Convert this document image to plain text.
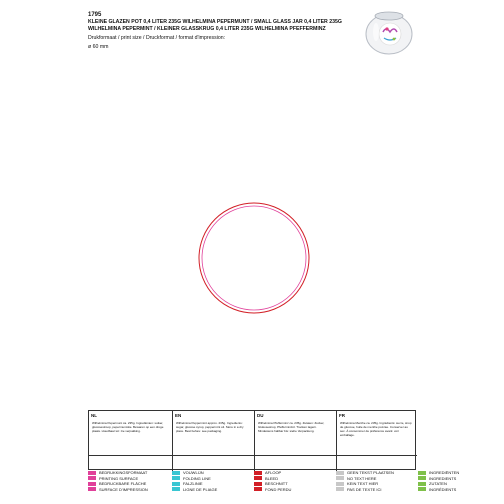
1795
KLEINE GLAZEN POT 0,4 LITER 235G WILHELMINA PEPERMUNT / SMALL GLASS JAR 0,4 LITER 235G WILHELMINA PEPERMINT / KLEINER GLASSKRUG 0,4 LITER 235G WILHELMINA PFEFFERMINZ
Drukformaat / print size / Druckformat / format d'impression:
ø 60 mm
NL
Wilhelmina Pepermunt ca. 235g. Ingrediënten: suiker, glucosestroop, pepermuntolie. Bewaren op een droge plaats. Houdbaar tot: zie verpakking.
EN
Wilhelmina Peppermint approx. 235g. Ingredients: sugar, glucose syrup, peppermint oil. Store in a dry place. Best before: see packaging.
DU
Wilhelmina Pfefferminz ca. 235g. Zutaten: Zucker, Glukosesirup, Pfefferminzöl. Trocken lagern. Mindestens haltbar bis: siehe Verpackung.
FR
Wilhelmina Menthe ca. 235g. Ingrédients: sucre, sirop de glucose, huile de menthe poivrée. Conserver au sec. À consommer de préférence avant: voir emballage.
BEDRUKKINGSFORMAAT
PRINTING SURFACE
BEDRUCKBARE FLÄCHE
SURFACE D'IMPRESSION
VOUWLIJN
FOLDING LINE
FALZLINIE
LIGNE DE PLIAGE
AFLOOP
BLEED
BESCHNITT
FOND PERDU
GEEN TEKST PLAATSEN
NO TEXT HERE
KEIN TEXT HIER
PAS DE TEXTE ICI
INGREDIËNTEN
INGREDIENTS
ZUTATEN
INGRÉDIENTS
